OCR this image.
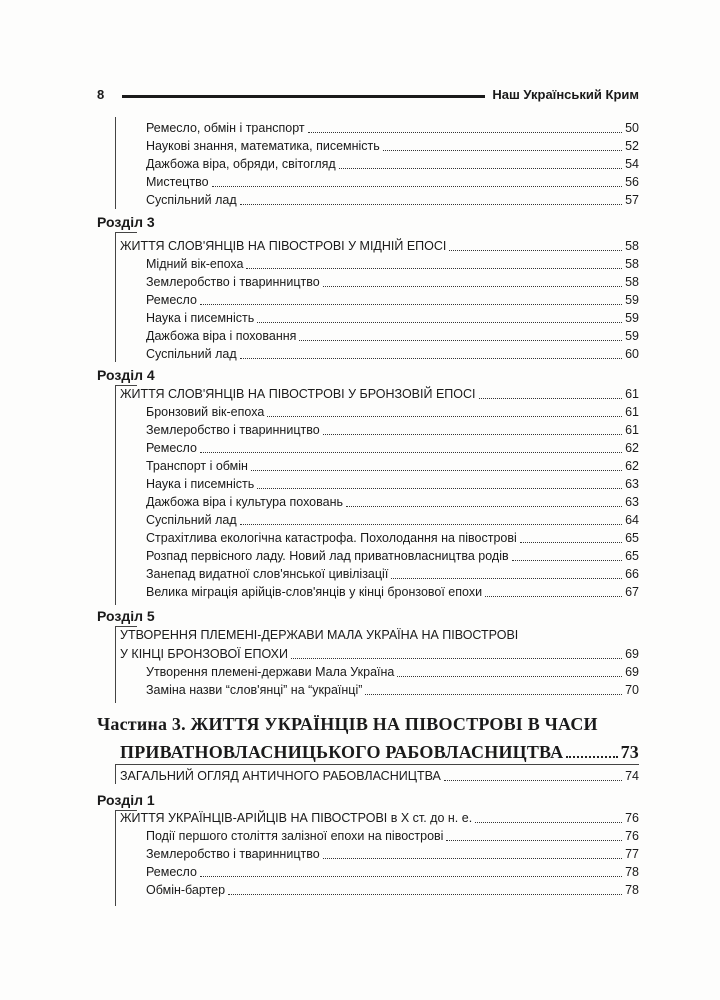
8	Наш Український Крим
Ремесло, обмін і транспорт	50
Наукові знання, математика, писемність	52
Дажбожа віра, обряди, світогляд	54
Мистецтво	56
Суспільний лад	57
Розділ 3
ЖИТТЯ СЛОВ'ЯНЦІВ НА ПІВОСТРОВІ У МІДНІЙ ЕПОСІ	58
Мідний вік-епоха	58
Землеробство і тваринництво	58
Ремесло	59
Наука і писемність	59
Дажбожа віра і поховання	59
Суспільний лад	60
Розділ 4
ЖИТТЯ СЛОВ'ЯНЦІВ НА ПІВОСТРОВІ У БРОНЗОВІЙ ЕПОСІ	61
Бронзовий вік-епоха	61
Землеробство і тваринництво	61
Ремесло	62
Транспорт і обмін	62
Наука і писемність	63
Дажбожа віра і культура поховань	63
Суспільний лад	64
Страхітлива екологічна катастрофа. Похолодання на півострові	65
Розпад первісного ладу. Новий лад приватновласництва родів	65
Занепад видатної слов'янської цивілізації	66
Велика міграція арійців-слов'янців у кінці бронзової епохи	67
Розділ 5
УТВОРЕННЯ ПЛЕМЕНІ-ДЕРЖАВИ МАЛА УКРАЇНА НА ПІВОСТРОВІ
У КІНЦІ БРОНЗОВОЇ ЕПОХИ	69
Утворення племені-держави Мала Україна	69
Заміна назви “слов'янці” на “українці”	70
Частина 3. ЖИТТЯ УКРАЇНЦІВ НА ПІВОСТРОВІ В ЧАСИ
ПРИВАТНОВЛАСНИЦЬКОГО РАБОВЛАСНИЦТВА	73
ЗАГАЛЬНИЙ ОГЛЯД АНТИЧНОГО РАБОВЛАСНИЦТВА	74
Розділ 1
ЖИТТЯ УКРАЇНЦІВ-АРІЙЦІВ НА ПІВОСТРОВІ в X ст. до н. е.	76
Події першого століття залізної епохи на півострові	76
Землеробство і тваринництво	77
Ремесло	78
Обмін-бартер	78
